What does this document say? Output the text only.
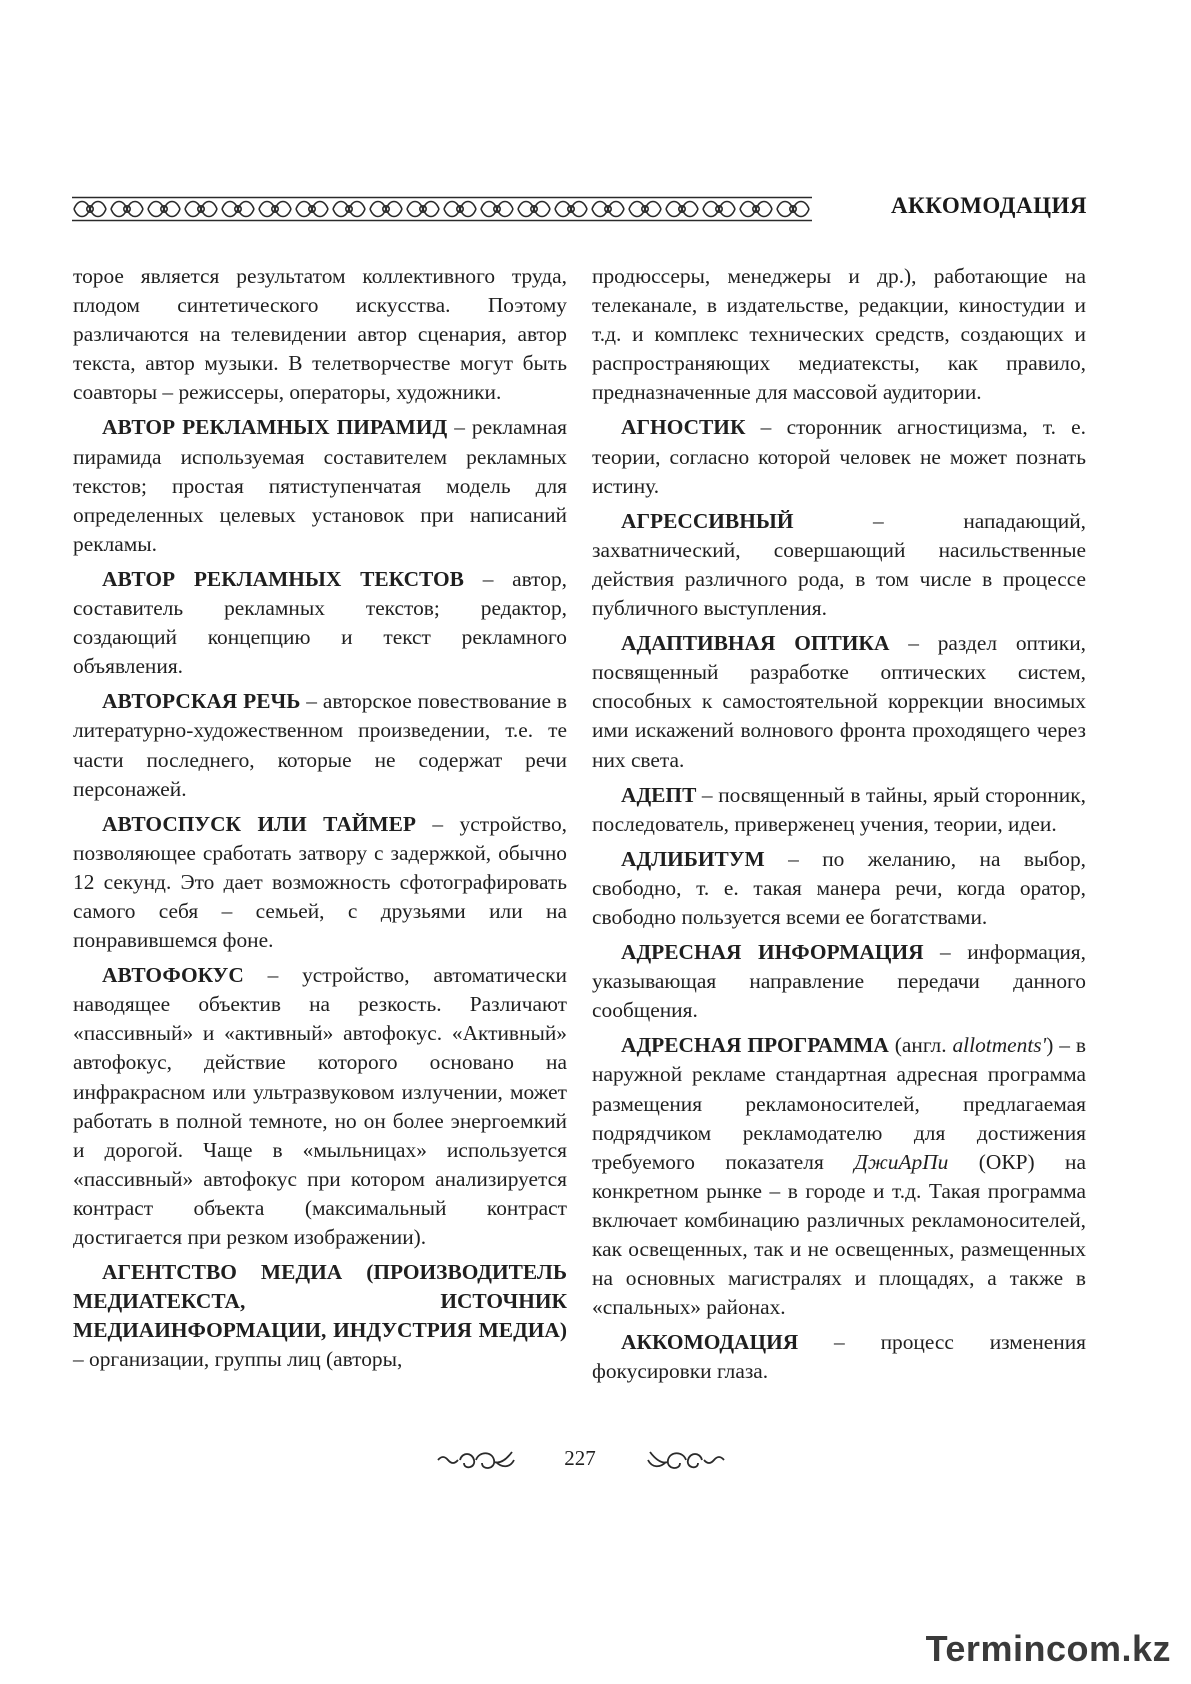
АККОМОДАЦИЯ

торое является результатом коллективного труда, плодом синтетического искусства. Поэтому различаются на телевидении автор сценария, автор текста, автор музыки. В телетворчестве могут быть соавторы – режиссеры, операторы, художники.

АВТОР РЕКЛАМНЫХ ПИРАМИД – рекламная пирамида используемая составителем рекламных текстов; простая пятиступенчатая модель для определенных целевых установок при написаний рекламы.

АВТОР РЕКЛАМНЫХ ТЕКСТОВ – автор, составитель рекламных текстов; редактор, создающий концепцию и текст рекламного объявления.

АВТОРСКАЯ РЕЧЬ – авторское повествование в литературно-художественном произведении, т.е. те части последнего, которые не содержат речи персонажей.

АВТОСПУСК ИЛИ ТАЙМЕР – устройство, позволяющее сработать затвору с задержкой, обычно 12 секунд. Это дает возможность сфотографировать самого себя – семьей, с друзьями или на понравившемся фоне.

АВТОФОКУС – устройство, автоматически наводящее объектив на резкость. Различают «пассивный» и «активный» автофокус. «Активный» автофокус, действие которого основано на инфракрасном или ультразвуковом излучении, может работать в полной темноте, но он более энергоемкий и дорогой. Чаще в «мыльницах» используется «пассивный» автофокус при котором анализируется контраст объекта (максимальный контраст достигается при резком изображении).

АГЕНТСТВО МЕДИА (ПРОИЗВОДИТЕЛЬ МЕДИАТЕКСТА, ИСТОЧНИК МЕДИАИНФОРМАЦИИ, ИНДУСТРИЯ МЕДИА) – организации, группы лиц (авторы,

продюссеры, менеджеры и др.), работающие на телеканале, в издательстве, редакции, киностудии и т.д. и комплекс технических средств, создающих и распространяющих медиатексты, как правило, предназначенные для массовой аудитории.

АГНОСТИК – сторонник агностицизма, т. е. теории, согласно которой человек не может познать истину.

АГРЕССИВНЫЙ – нападающий, захватнический, совершающий насильственные действия различного рода, в том числе в процессе публичного выступления.

АДАПТИВНАЯ ОПТИКА – раздел оптики, посвященный разработке оптических систем, способных к самостоятельной коррекции вносимых ими искажений волнового фронта проходящего через них света.

АДЕПТ – посвященный в тайны, ярый сторонник, последователь, приверженец учения, теории, идеи.

АДЛИБИТУМ – по желанию, на выбор, свободно, т. е. такая манера речи, когда оратор, свободно пользуется всеми ее богатствами.

АДРЕСНАЯ ИНФОРМАЦИЯ – информация, указывающая направление передачи данного сообщения.

АДРЕСНАЯ ПРОГРАММА (англ. allotments') – в наружной рекламе стандартная адресная программа размещения рекламоносителей, предлагаемая подрядчиком рекламодателю для достижения требуемого показателя ДжиАрПи (ОКР) на конкретном рынке – в городе и т.д. Такая программа включает комбинацию различных рекламоносителей, как освещенных, так и не освещенных, размещенных на основных магистралях и площадях, а также в «спальных» районах.

АККОМОДАЦИЯ – процесс изменения фокусировки глаза.

227
Termincom.kz
